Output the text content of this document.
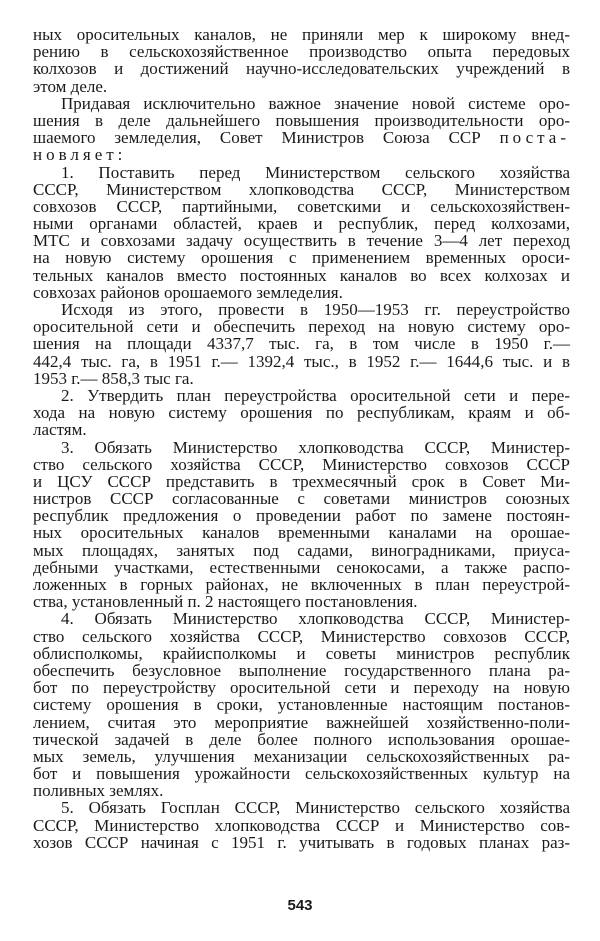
ных оросительных каналов, не приняли мер к широкому внед-
рению в сельскохозяйственное производство опыта передовых
колхозов и достижений научно-исследовательских учреждений в
этом деле.
Придавая исключительно важное значение новой системе оро-
шения в деле дальнейшего повышения производительности оро-
шаемого земледелия, Совет Министров Союза ССР поста-
новляет:
1. Поставить перед Министерством сельского хозяйства
СССР, Министерством хлопководства СССР, Министерством
совхозов СССР, партийными, советскими и сельскохозяйствен-
ными органами областей, краев и республик, перед колхозами,
МТС и совхозами задачу осуществить в течение 3—4 лет переход
на новую систему орошения с применением временных ороси-
тельных каналов вместо постоянных каналов во всех колхозах и
совхозах районов орошаемого земледелия.
Исходя из этого, провести в 1950—1953 гг. переустройство
оросительной сети и обеспечить переход на новую систему оро-
шения на площади 4337,7 тыс. га, в том числе в 1950 г.—
442,4 тыс. га, в 1951 г.— 1392,4 тыс., в 1952 г.— 1644,6 тыс. и в
1953 г.— 858,3 тыс га.
2. Утвердить план переустройства оросительной сети и пере-
хода на новую систему орошения по республикам, краям и об-
ластям.
3. Обязать Министерство хлопководства СССР, Министер-
ство сельского хозяйства СССР, Министерство совхозов СССР
и ЦСУ СССР представить в трехмесячный срок в Совет Ми-
нистров СССР согласованные с советами министров союзных
республик предложения о проведении работ по замене постоян-
ных оросительных каналов временными каналами на орошае-
мых площадях, занятых под садами, виноградниками, приуса-
дебными участками, естественными сенокосами, а также распо-
ложенных в горных районах, не включенных в план переустрой-
ства, установленный п. 2 настоящего постановления.
4. Обязать Министерство хлопководства СССР, Министер-
ство сельского хозяйства СССР, Министерство совхозов СССР,
облисполкомы, крайисполкомы и советы министров республик
обеспечить безусловное выполнение государственного плана ра-
бот по переустройству оросительной сети и переходу на новую
систему орошения в сроки, установленные настоящим постанов-
лением, считая это мероприятие важнейшей хозяйственно-поли-
тической задачей в деле более полного использования орошае-
мых земель, улучшения механизации сельскохозяйственных ра-
бот и повышения урожайности сельскохозяйственных культур на
поливных землях.
5. Обязать Госплан СССР, Министерство сельского хозяйства
СССР, Министерство хлопководства СССР и Министерство сов-
хозов СССР начиная с 1951 г. учитывать в годовых планах раз-
543
